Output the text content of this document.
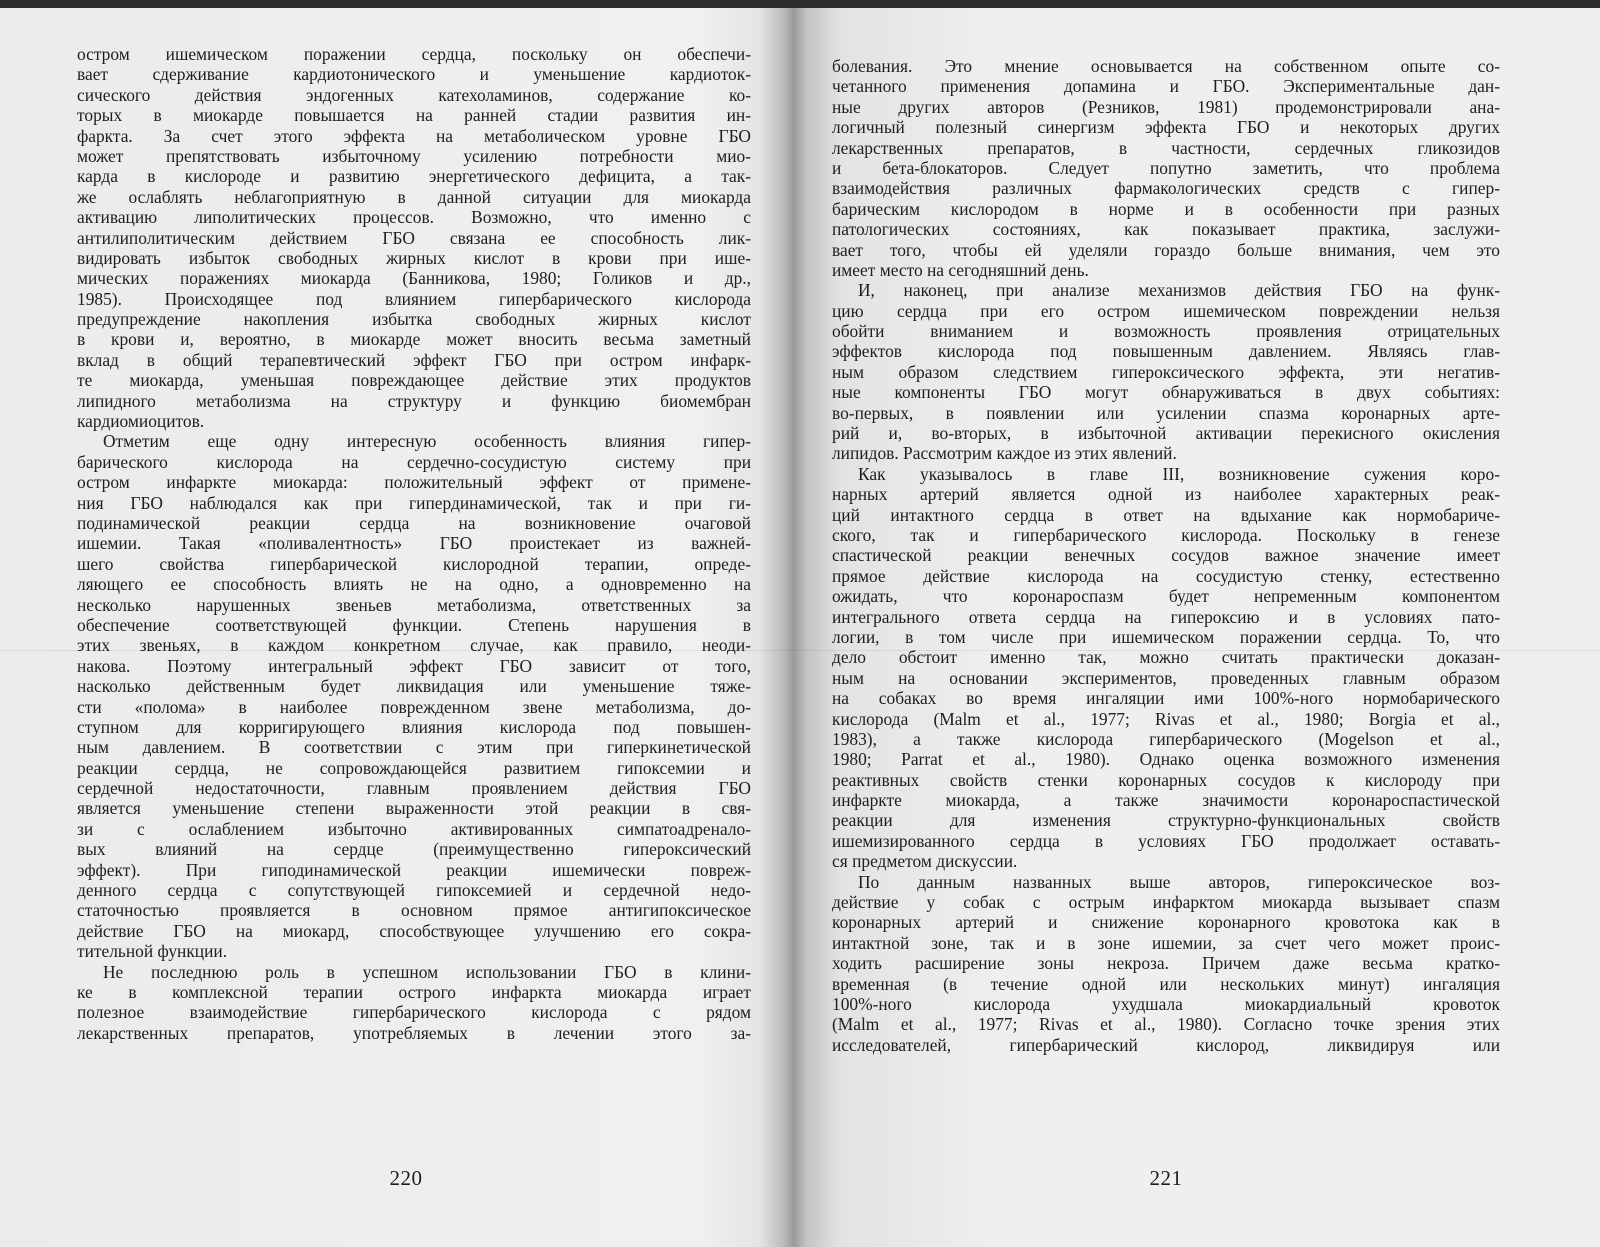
остром ишемическом поражении сердца, поскольку он обеспечи-
вает сдерживание кардиотонического и уменьшение кардиоток-
сического действия эндогенных катехоламинов, содержание ко-
торых в миокарде повышается на ранней стадии развития ин-
фаркта. За счет этого эффекта на метаболическом уровне ГБО
может препятствовать избыточному усилению потребности мио-
карда в кислороде и развитию энергетического дефицита, а так-
же ослаблять неблагоприятную в данной ситуации для миокарда
активацию липолитических процессов. Возможно, что именно с
антилиполитическим действием ГБО связана ее способность лик-
видировать избыток свободных жирных кислот в крови при ише-
мических поражениях миокарда (Банникова, 1980; Голиков и др.,
1985). Происходящее под влиянием гипербарического кислорода
предупреждение накопления избытка свободных жирных кислот
в крови и, вероятно, в миокарде может вносить весьма заметный
вклад в общий терапевтический эффект ГБО при остром инфарк-
те миокарда, уменьшая повреждающее действие этих продуктов
липидного метаболизма на структуру и функцию биомембран
кардиомиоцитов.
Отметим еще одну интересную особенность влияния гипер-
барического кислорода на сердечно-сосудистую систему при
остром инфаркте миокарда: положительный эффект от примене-
ния ГБО наблюдался как при гипердинамической, так и при ги-
подинамической реакции сердца на возникновение очаговой
ишемии. Такая «поливалентность» ГБО проистекает из важней-
шего свойства гипербарической кислородной терапии, опреде-
ляющего ее способность влиять не на одно, а одновременно на
несколько нарушенных звеньев метаболизма, ответственных за
обеспечение соответствующей функции. Степень нарушения в
этих звеньях, в каждом конкретном случае, как правило, неоди-
накова. Поэтому интегральный эффект ГБО зависит от того,
насколько действенным будет ликвидация или уменьшение тяже-
сти «полома» в наиболее поврежденном звене метаболизма, до-
ступном для корригирующего влияния кислорода под повышен-
ным давлением. В соответствии с этим при гиперкинетической
реакции сердца, не сопровождающейся развитием гипоксемии и
сердечной недостаточности, главным проявлением действия ГБО
является уменьшение степени выраженности этой реакции в свя-
зи с ослаблением избыточно активированных симпатоадренало-
вых влияний на сердце (преимущественно гипероксический
эффект). При гиподинамической реакции ишемически повреж-
денного сердца с сопутствующей гипоксемией и сердечной недо-
статочностью проявляется в основном прямое антигипоксическое
действие ГБО на миокард, способствующее улучшению его сокра-
тительной функции.
Не последнюю роль в успешном использовании ГБО в клини-
ке в комплексной терапии острого инфаркта миокарда играет
полезное взаимодействие гипербарического кислорода с рядом
лекарственных препаратов, употребляемых в лечении этого за-
220
болевания. Это мнение основывается на собственном опыте со-
четанного применения допамина и ГБО. Экспериментальные дан-
ные других авторов (Резников, 1981) продемонстрировали ана-
логичный полезный синергизм эффекта ГБО и некоторых других
лекарственных препаратов, в частности, сердечных гликозидов
и бета-блокаторов. Следует попутно заметить, что проблема
взаимодействия различных фармакологических средств с гипер-
барическим кислородом в норме и в особенности при разных
патологических состояниях, как показывает практика, заслужи-
вает того, чтобы ей уделяли гораздо больше внимания, чем это
имеет место на сегодняшний день.
И, наконец, при анализе механизмов действия ГБО на функ-
цию сердца при его остром ишемическом повреждении нельзя
обойти вниманием и возможность проявления отрицательных
эффектов кислорода под повышенным давлением. Являясь глав-
ным образом следствием гипероксического эффекта, эти негатив-
ные компоненты ГБО могут обнаруживаться в двух событиях:
во-первых, в появлении или усилении спазма коронарных арте-
рий и, во-вторых, в избыточной активации перекисного окисления
липидов. Рассмотрим каждое из этих явлений.
Как указывалось в главе III, возникновение сужения коро-
нарных артерий является одной из наиболее характерных реак-
ций интактного сердца в ответ на вдыхание как нормобариче-
ского, так и гипербарического кислорода. Поскольку в генезе
спастической реакции венечных сосудов важное значение имеет
прямое действие кислорода на сосудистую стенку, естественно
ожидать, что коронароспазм будет непременным компонентом
интегрального ответа сердца на гипероксию и в условиях пато-
логии, в том числе при ишемическом поражении сердца. То, что
дело обстоит именно так, можно считать практически доказан-
ным на основании экспериментов, проведенных главным образом
на собаках во время ингаляции ими 100%-ного нормобарического
кислорода (Malm et al., 1977; Rivas et al., 1980; Borgia et al.,
1983), а также кислорода гипербарического (Mogelson et al.,
1980; Parrat et al., 1980). Однако оценка возможного изменения
реактивных свойств стенки коронарных сосудов к кислороду при
инфаркте миокарда, а также значимости коронароспастической
реакции для изменения структурно-функциональных свойств
ишемизированного сердца в условиях ГБО продолжает оставать-
ся предметом дискуссии.
По данным названных выше авторов, гипероксическое воз-
действие у собак с острым инфарктом миокарда вызывает спазм
коронарных артерий и снижение коронарного кровотока как в
интактной зоне, так и в зоне ишемии, за счет чего может проис-
ходить расширение зоны некроза. Причем даже весьма кратко-
временная (в течение одной или нескольких минут) ингаляция
100%-ного кислорода ухудшала миокардиальный кровоток
(Malm et al., 1977; Rivas et al., 1980). Согласно точке зрения этих
исследователей, гипербарический кислород, ликвидируя или
221
